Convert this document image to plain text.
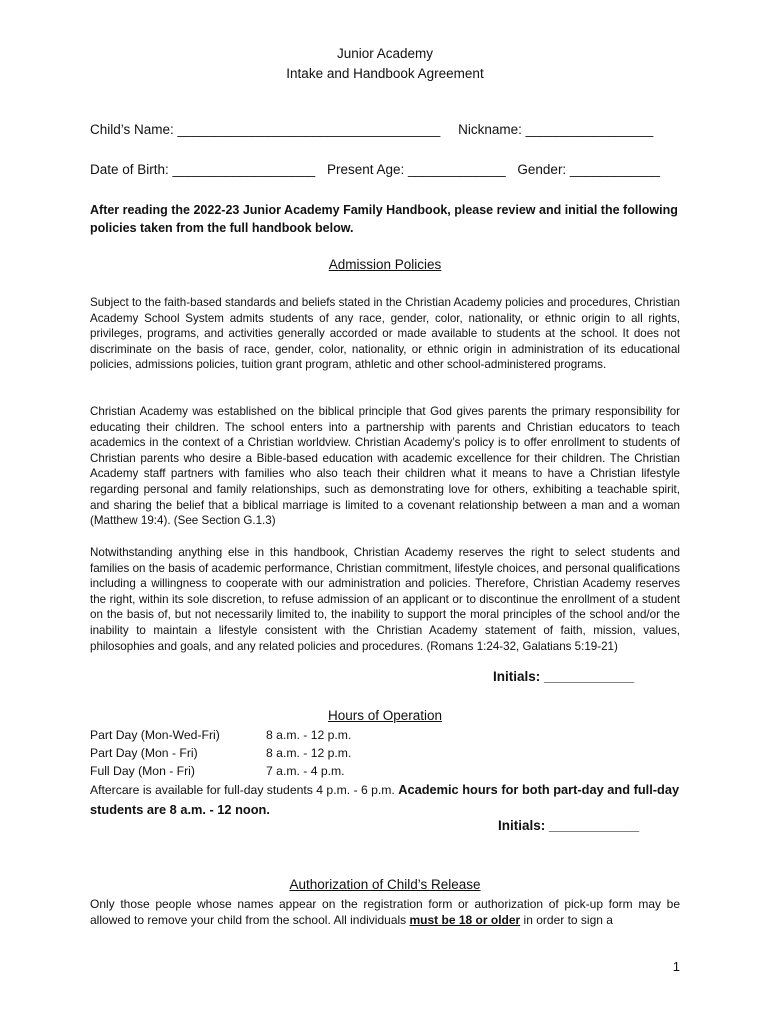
Junior Academy
Intake and Handbook Agreement
Child’s Name: ___________________________________ Nickname: _________________
Date of Birth: ___________________ Present Age: _____________ Gender: ____________
After reading the 2022-23 Junior Academy Family Handbook, please review and initial the following policies taken from the full handbook below.
Admission Policies
Subject to the faith-based standards and beliefs stated in the Christian Academy policies and procedures, Christian Academy School System admits students of any race, gender, color, nationality, or ethnic origin to all rights, privileges, programs, and activities generally accorded or made available to students at the school. It does not discriminate on the basis of race, gender, color, nationality, or ethnic origin in administration of its educational policies, admissions policies, tuition grant program, athletic and other school-administered programs.
Christian Academy was established on the biblical principle that God gives parents the primary responsibility for educating their children. The school enters into a partnership with parents and Christian educators to teach academics in the context of a Christian worldview. Christian Academy’s policy is to offer enrollment to students of Christian parents who desire a Bible-based education with academic excellence for their children. The Christian Academy staff partners with families who also teach their children what it means to have a Christian lifestyle regarding personal and family relationships, such as demonstrating love for others, exhibiting a teachable spirit, and sharing the belief that a biblical marriage is limited to a covenant relationship between a man and a woman (Matthew 19:4). (See Section G.1.3)
Notwithstanding anything else in this handbook, Christian Academy reserves the right to select students and families on the basis of academic performance, Christian commitment, lifestyle choices, and personal qualifications including a willingness to cooperate with our administration and policies. Therefore, Christian Academy reserves the right, within its sole discretion, to refuse admission of an applicant or to discontinue the enrollment of a student on the basis of, but not necessarily limited to, the inability to support the moral principles of the school and/or the inability to maintain a lifestyle consistent with the Christian Academy statement of faith, mission, values, philosophies and goals, and any related policies and procedures. (Romans 1:24-32, Galatians 5:19-21)
Initials: ____________
Hours of Operation
Part Day (Mon-Wed-Fri)	8 a.m. - 12 p.m.
Part Day (Mon - Fri)	8 a.m. - 12 p.m.
Full Day (Mon - Fri)	7 a.m. - 4 p.m.
Aftercare is available for full-day students 4 p.m. - 6 p.m. Academic hours for both part-day and full-day students are 8 a.m. - 12 noon.
Initials: ____________
Authorization of Child’s Release
Only those people whose names appear on the registration form or authorization of pick-up form may be allowed to remove your child from the school. All individuals must be 18 or older in order to sign a
1
